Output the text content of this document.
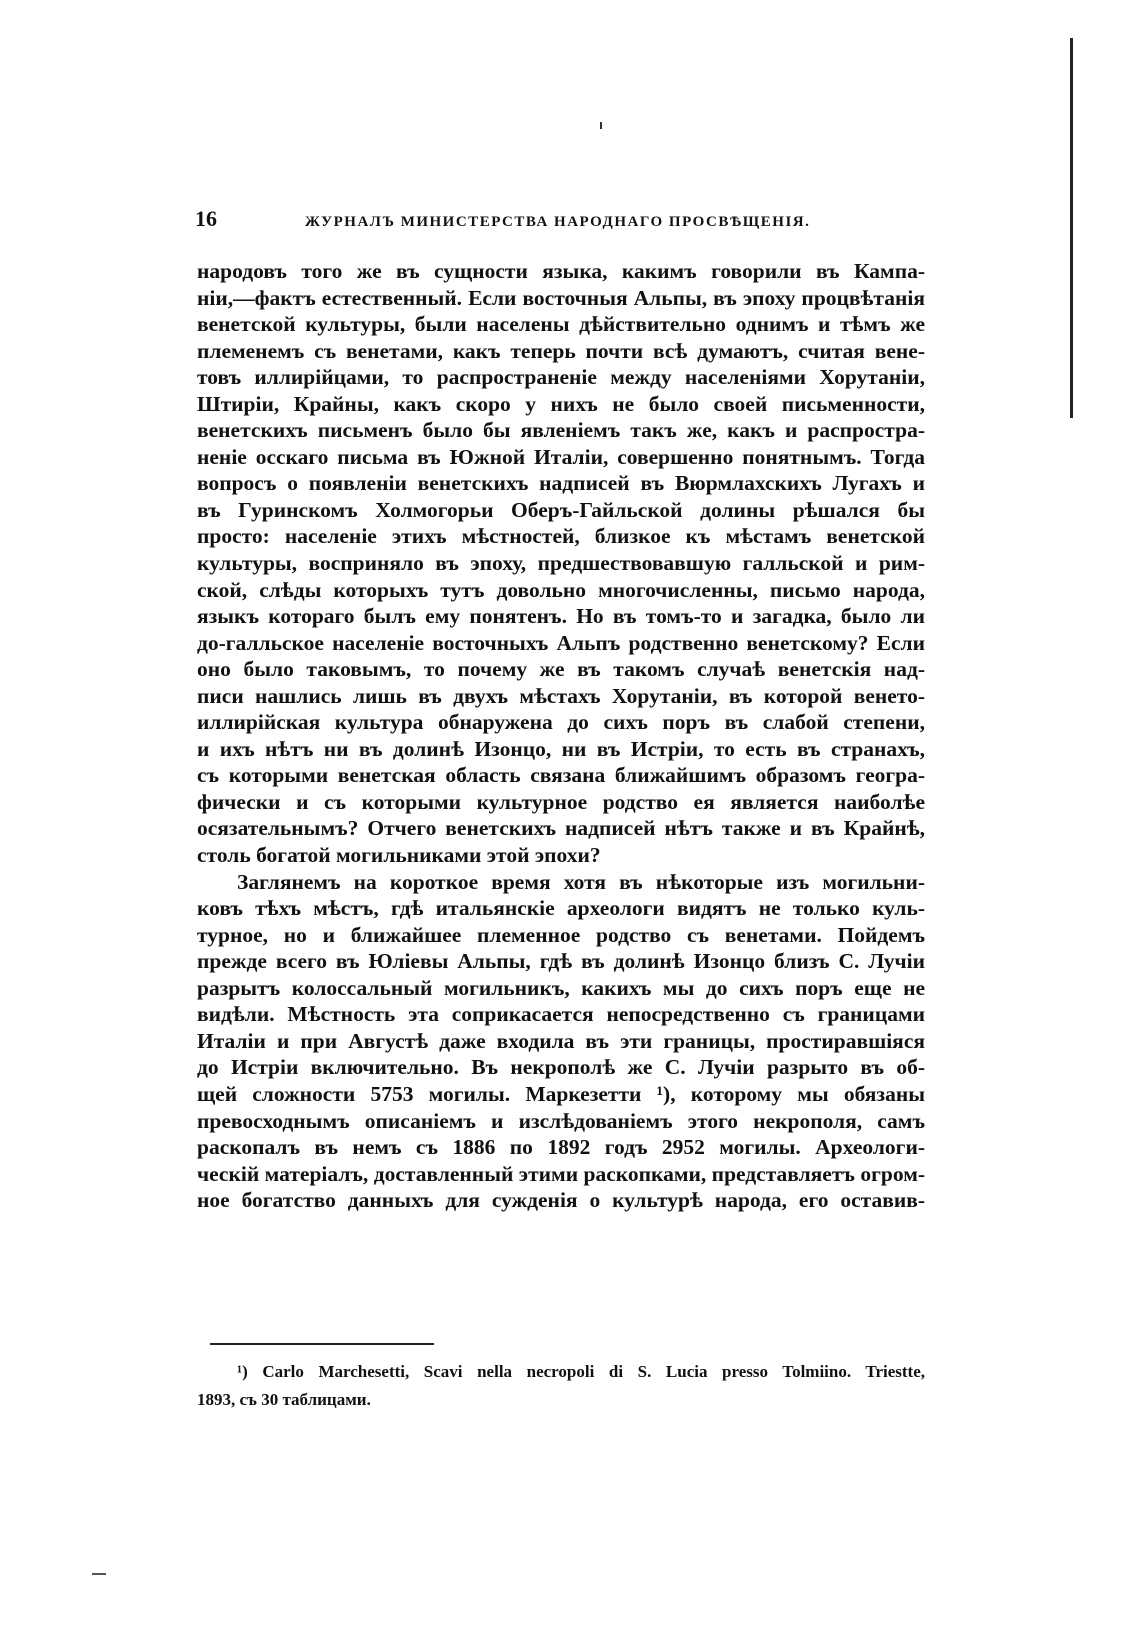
16	ЖУРНАЛЪ МИНИСТЕРСТВА НАРОДНАГО ПРОСВѢЩЕНІЯ.
народовъ того же въ сущности языка, какимъ говорили въ Кампа-
ніи,—фактъ естественный. Если восточныя Альпы, въ эпоху процвѣтанія
венетской культуры, были населены дѣйствительно однимъ и тѣмъ же
племенемъ съ венетами, какъ теперь почти всѣ думаютъ, считая вене-
товъ иллирійцами, то распространеніе между населеніями Хорутаніи,
Штиріи, Крайны, какъ скоро у нихъ не было своей письменности,
венетскихъ письменъ было бы явленіемъ такъ же, какъ и распростра-
неніе осскаго письма въ Южной Италіи, совершенно понятнымъ. Тогда
вопросъ о появленіи венетскихъ надписей въ Вюрмлахскихъ Лугахъ и
въ Гуринскомъ Холмогорьи Оберъ-Гайльской долины рѣшался бы
просто: населеніе этихъ мѣстностей, близкое къ мѣстамъ венетской
культуры, восприняло въ эпоху, предшествовавшую галльской и рим-
ской, слѣды которыхъ тутъ довольно многочисленны, письмо народа,
языкъ котораго былъ ему понятенъ. Но въ томъ-то и загадка, было ли
до-галльское населеніе восточныхъ Альпъ родственно венетскому? Если
оно было таковымъ, то почему же въ такомъ случаѣ венетскія над-
писи нашлись лишь въ двухъ мѣстахъ Хорутаніи, въ которой венето-
иллирійская культура обнаружена до сихъ поръ въ слабой степени,
и ихъ нѣтъ ни въ долинѣ Изонцо, ни въ Истріи, то есть въ странахъ,
съ которыми венетская область связана ближайшимъ образомъ геогра-
фически и съ которыми культурное родство ея является наиболѣе
осязательнымъ? Отчего венетскихъ надписей нѣтъ также и въ Крайнѣ,
столь богатой могильниками этой эпохи?
Заглянемъ на короткое время хотя въ нѣкоторые изъ могильни-
ковъ тѣхъ мѣстъ, гдѣ итальянскіе археологи видятъ не только куль-
турное, но и ближайшее племенное родство съ венетами. Пойдемъ
прежде всего въ Юліевы Альпы, гдѣ въ долинѣ Изонцо близъ С. Лучіи
разрытъ колоссальный могильникъ, какихъ мы до сихъ поръ еще не
видѣли. Мѣстность эта соприкасается непосредственно съ границами
Италіи и при Августѣ даже входила въ эти границы, простиравшіяся
до Истріи включительно. Въ некрополѣ же С. Лучіи разрыто въ об-
щей сложности 5753 могилы. Маркезетти ¹), которому мы обязаны
превосходнымъ описаніемъ и изслѣдованіемъ этого некрополя, самъ
раскопалъ въ немъ съ 1886 по 1892 годъ 2952 могилы. Археологи-
ческій матеріалъ, доставленный этими раскопками, представляетъ огром-
ное богатство данныхъ для сужденія о культурѣ народа, его оставив-
¹) Carlo Marchesetti, Scavi nella necropoli di S. Lucia presso Tolmiino. Triestte,
1893, съ 30 таблицами.
